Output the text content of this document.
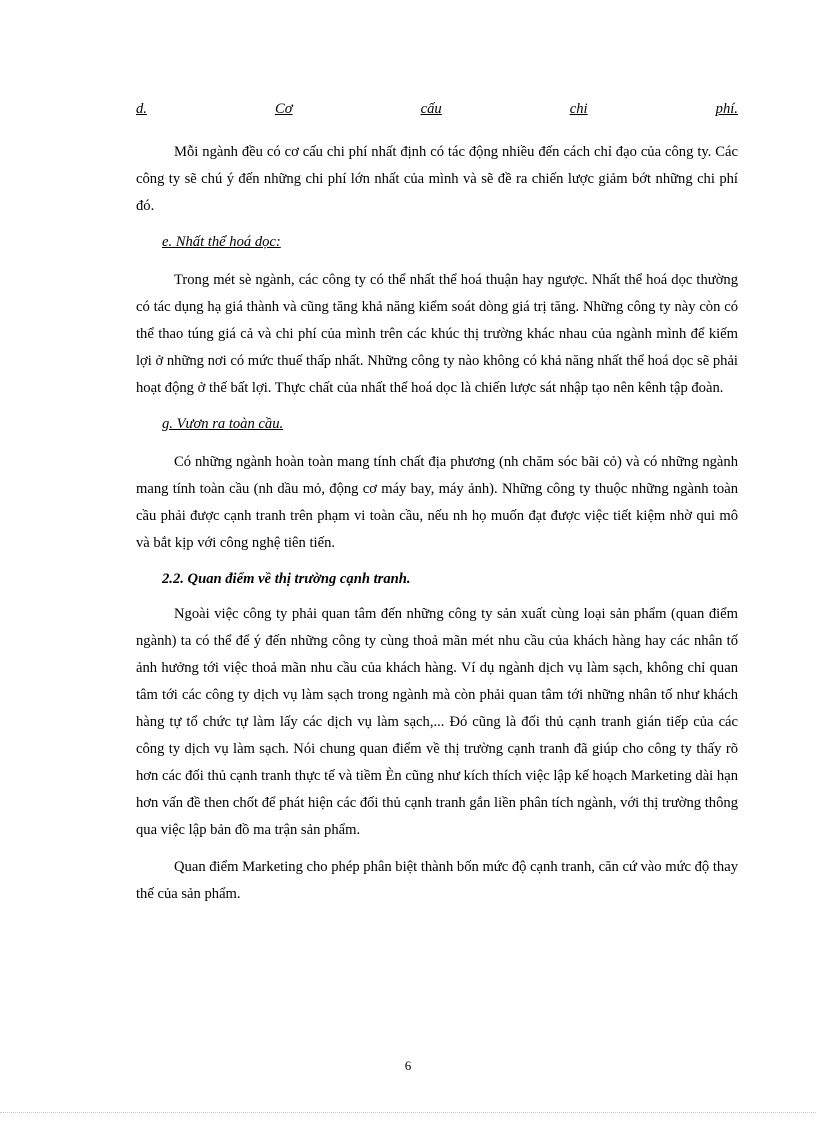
d.	Cơ	cấu	chi	phí.

Mỗi ngành đều có cơ cấu chi phí nhất định có tác động nhiều đến cách chỉ đạo của công ty. Các công ty sẽ chú ý đến những chi phí lớn nhất của mình và sẽ đề ra chiến lược giảm bớt những chi phí đó.

e. Nhất thể hoá dọc:

Trong mét sè ngành, các công ty có thể nhất thể hoá thuận hay ngược. Nhất thể hoá dọc thường có tác dụng hạ giá thành và cũng tăng khả năng kiểm soát dòng giá trị tăng. Những công ty này còn có thể thao túng giá cả và chi phí của mình trên các khúc thị trường khác nhau của ngành mình để kiếm lợi ở những nơi có mức thuế thấp nhất. Những công ty nào không có khả năng nhất thể hoá dọc sẽ phải hoạt động ở thế bất lợi. Thực chất của nhất thể hoá dọc là chiến lược sát nhập tạo nên kênh tập đoàn.

g. Vươn ra toàn cầu.

Có những ngành hoàn toàn mang tính chất địa phương (nh chăm sóc bãi cỏ) và có những ngành mang tính toàn cầu (nh dầu mỏ, động cơ máy bay, máy ảnh). Những công ty thuộc những ngành toàn cầu phải được cạnh tranh trên phạm vi toàn cầu, nếu nh họ muốn đạt được việc tiết kiệm nhờ qui mô và bắt kịp với công nghệ tiên tiến.

2.2. Quan điểm về thị trường cạnh tranh.

Ngoài việc công ty phải quan tâm đến những công ty sản xuất cùng loại sản phẩm (quan điểm ngành) ta có thể để ý đến những công ty cùng thoả mãn mét nhu cầu của khách hàng hay các nhân tố ảnh hưởng tới việc thoả mãn nhu cầu của khách hàng. Ví dụ ngành dịch vụ làm sạch, không chỉ quan tâm tới các công ty dịch vụ làm sạch trong ngành mà còn phải quan tâm tới những nhân tố như khách hàng tự tổ chức tự làm lấy các dịch vụ làm sạch,... Đó cũng là đối thủ cạnh tranh gián tiếp của các công ty dịch vụ làm sạch. Nói chung quan điểm về thị trường cạnh tranh đã giúp cho công ty thấy rõ hơn các đối thủ cạnh tranh thực tế và tiềm Èn cũng như kích thích việc lập kế hoạch Marketing dài hạn hơn vấn đề then chốt để phát hiện các đối thủ cạnh tranh gắn liền phân tích ngành, với thị trường thông qua việc lập bản đồ ma trận sản phẩm.

Quan điểm Marketing cho phép phân biệt thành bốn mức độ cạnh tranh, căn cứ vào mức độ thay thế của sản phẩm.

6
